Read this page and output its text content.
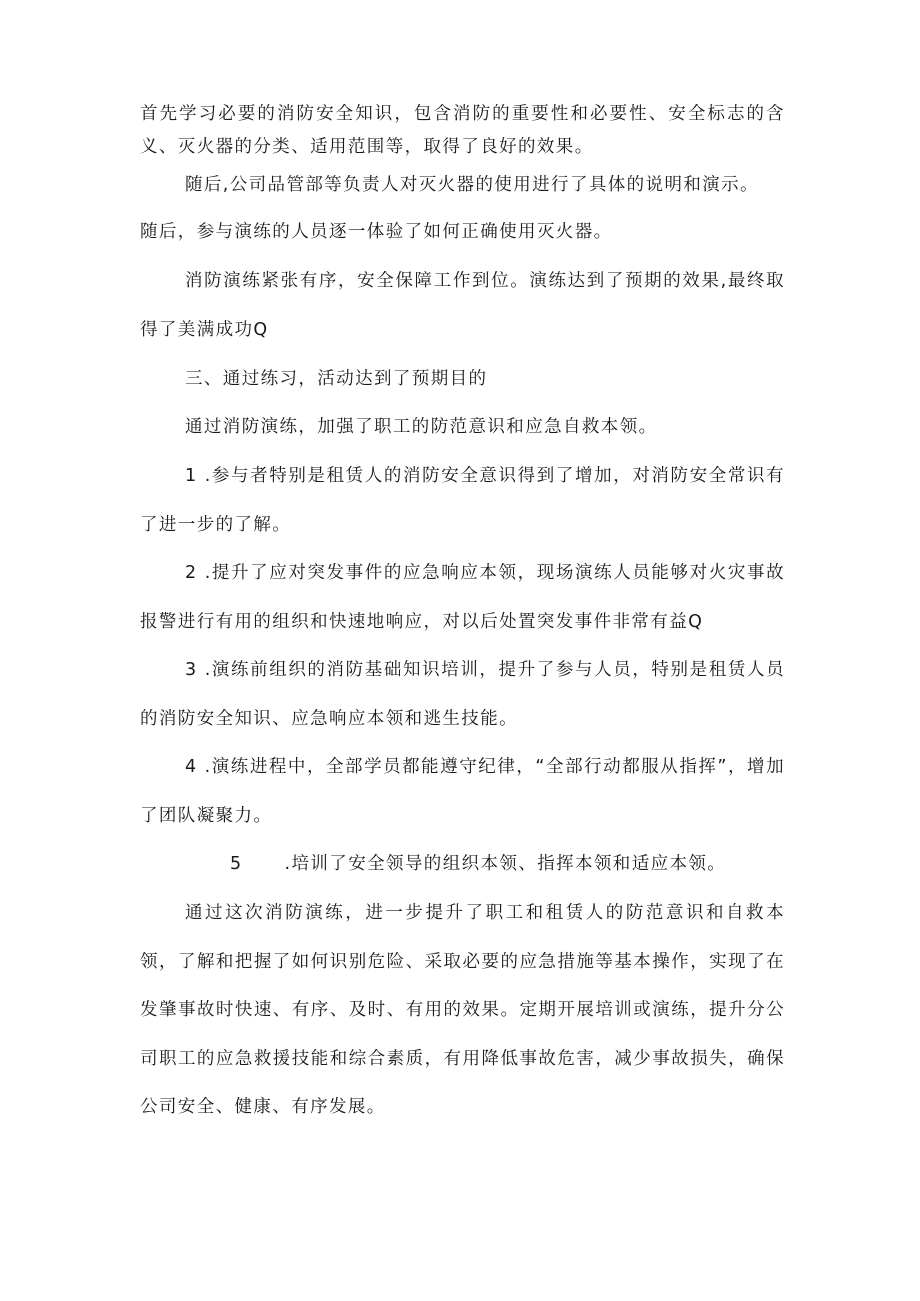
首先学习必要的消防安全知识，包含消防的重要性和必要性、安全标志的含义、灭火器的分类、适用范围等，取得了良好的效果。

随后,公司品管部等负责人对灭火器的使用进行了具体的说明和演示。

随后，参与演练的人员逐一体验了如何正确使用灭火器。

消防演练紧张有序，安全保障工作到位。演练达到了预期的效果,最终取得了美满成功Q

三、通过练习，活动达到了预期目的

通过消防演练，加强了职工的防范意识和应急自救本领。

1 .参与者特别是租赁人的消防安全意识得到了增加，对消防安全常识有了进一步的了解。

2 .提升了应对突发事件的应急响应本领，现场演练人员能够对火灾事故报警进行有用的组织和快速地响应，对以后处置突发事件非常有益Q

3 .演练前组织的消防基础知识培训，提升了参与人员，特别是租赁人员的消防安全知识、应急响应本领和逃生技能。

4 .演练进程中，全部学员都能遵守纪律，“全部行动都服从指挥”，增加了团队凝聚力。

5 .培训了安全领导的组织本领、指挥本领和适应本领。

通过这次消防演练，进一步提升了职工和租赁人的防范意识和自救本领，了解和把握了如何识别危险、采取必要的应急措施等基本操作，实现了在发肇事故时快速、有序、及时、有用的效果。定期开展培训或演练，提升分公司职工的应急救援技能和综合素质，有用降低事故危害，减少事故损失，确保公司安全、健康、有序发展。
